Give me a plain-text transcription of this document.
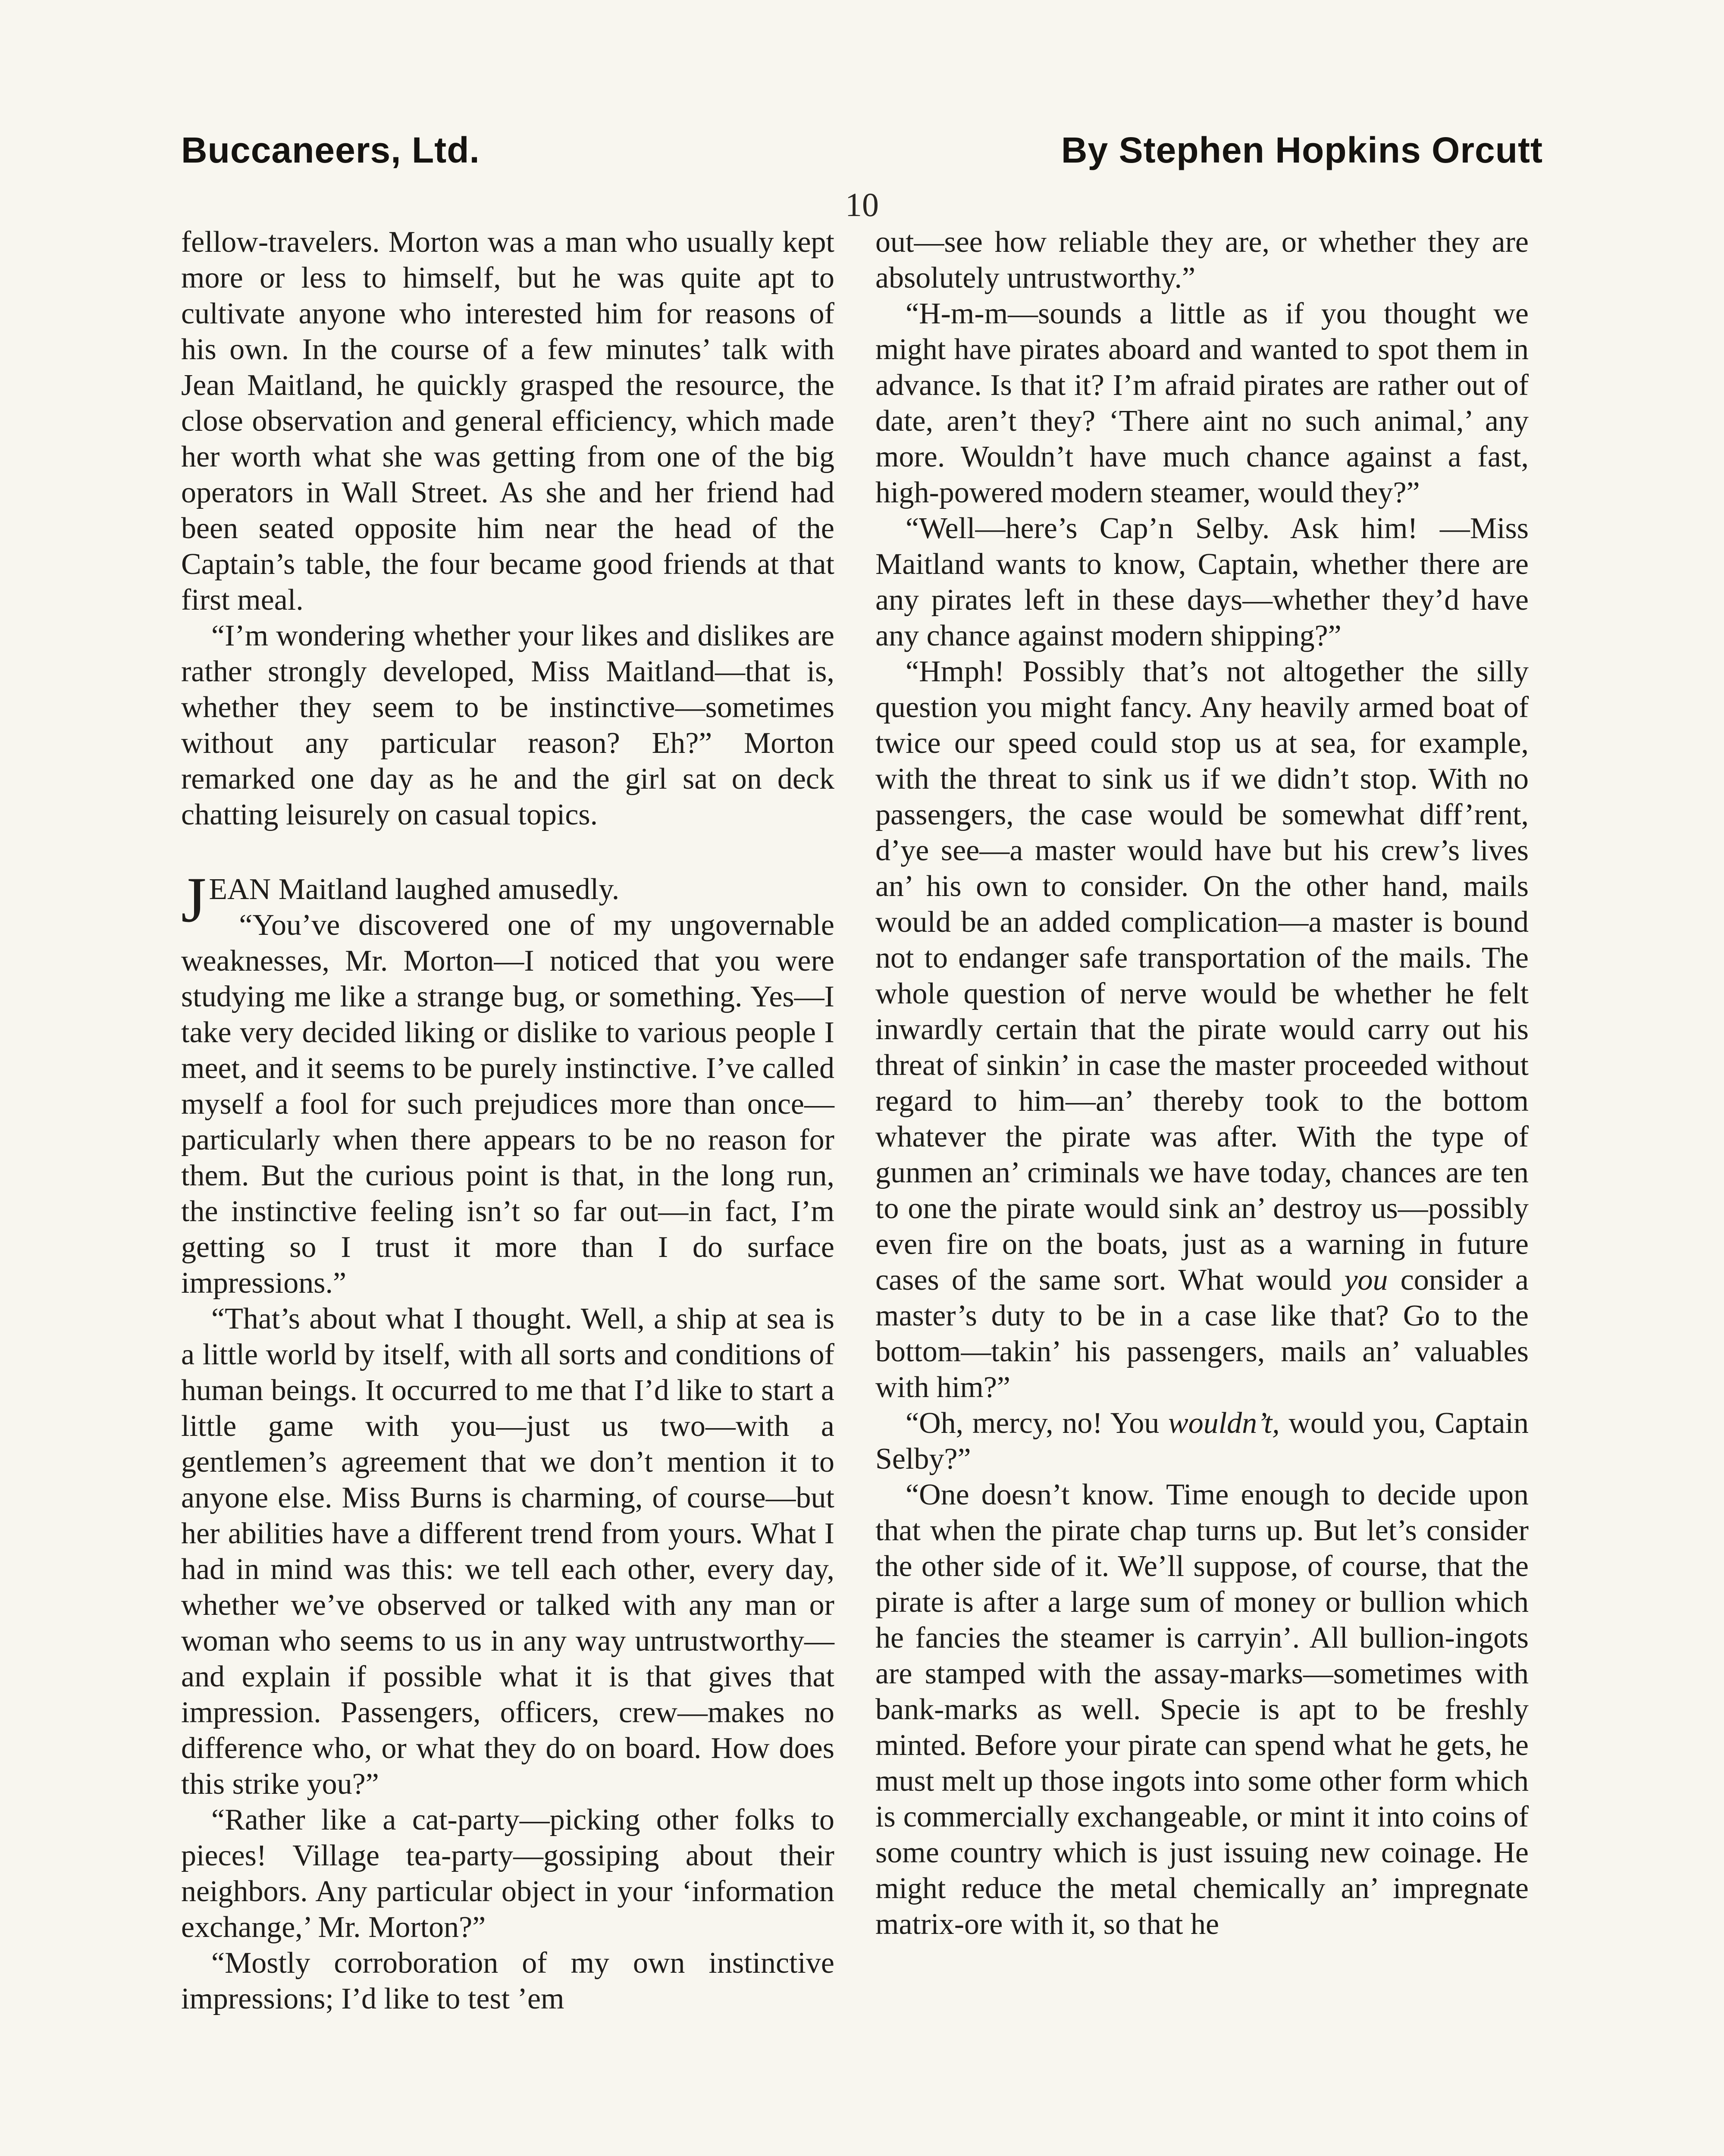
Buccaneers, Ltd.	By Stephen Hopkins Orcutt
10

fellow-travelers. Morton was a man who usually kept more or less to himself, but he was quite apt to cultivate anyone who interested him for reasons of his own. In the course of a few minutes’ talk with Jean Maitland, he quickly grasped the resource, the close observation and general efficiency, which made her worth what she was getting from one of the big operators in Wall Street. As she and her friend had been seated opposite him near the head of the Captain’s table, the four became good friends at that first meal.

“I’m wondering whether your likes and dislikes are rather strongly developed, Miss Maitland—that is, whether they seem to be instinctive—sometimes without any particular reason? Eh?” Morton remarked one day as he and the girl sat on deck chatting leisurely on casual topics.

JEAN Maitland laughed amusedly.

“You’ve discovered one of my ungovernable weaknesses, Mr. Morton—I noticed that you were studying me like a strange bug, or something. Yes—I take very decided liking or dislike to various people I meet, and it seems to be purely instinctive. I’ve called myself a fool for such prejudices more than once—particularly when there appears to be no reason for them. But the curious point is that, in the long run, the instinctive feeling isn’t so far out—in fact, I’m getting so I trust it more than I do surface impressions.”

“That’s about what I thought. Well, a ship at sea is a little world by itself, with all sorts and conditions of human beings. It occurred to me that I’d like to start a little game with you—just us two—with a gentlemen’s agreement that we don’t mention it to anyone else. Miss Burns is charming, of course—but her abilities have a different trend from yours. What I had in mind was this: we tell each other, every day, whether we’ve observed or talked with any man or woman who seems to us in any way untrustworthy—and explain if possible what it is that gives that impression. Passengers, officers, crew—makes no difference who, or what they do on board. How does this strike you?”

“Rather like a cat-party—picking other folks to pieces! Village tea-party—gossiping about their neighbors. Any particular object in your ‘information exchange,’ Mr. Morton?”

“Mostly corroboration of my own instinctive impressions; I’d like to test ’em

out—see how reliable they are, or whether they are absolutely untrustworthy.”

“H-m-m—sounds a little as if you thought we might have pirates aboard and wanted to spot them in advance. Is that it? I’m afraid pirates are rather out of date, aren’t they? ‘There aint no such animal,’ any more. Wouldn’t have much chance against a fast, high-powered modern steamer, would they?”

“Well—here’s Cap’n Selby. Ask him! —Miss Maitland wants to know, Captain, whether there are any pirates left in these days—whether they’d have any chance against modern shipping?”

“Hmph! Possibly that’s not altogether the silly question you might fancy. Any heavily armed boat of twice our speed could stop us at sea, for example, with the threat to sink us if we didn’t stop. With no passengers, the case would be somewhat diff’rent, d’ye see—a master would have but his crew’s lives an’ his own to consider. On the other hand, mails would be an added complication—a master is bound not to endanger safe transportation of the mails. The whole question of nerve would be whether he felt inwardly certain that the pirate would carry out his threat of sinkin’ in case the master proceeded without regard to him—an’ thereby took to the bottom whatever the pirate was after. With the type of gunmen an’ criminals we have today, chances are ten to one the pirate would sink an’ destroy us—possibly even fire on the boats, just as a warning in future cases of the same sort. What would you consider a master’s duty to be in a case like that? Go to the bottom—takin’ his passengers, mails an’ valuables with him?”

“Oh, mercy, no! You wouldn’t, would you, Captain Selby?”

“One doesn’t know. Time enough to decide upon that when the pirate chap turns up. But let’s consider the other side of it. We’ll suppose, of course, that the pirate is after a large sum of money or bullion which he fancies the steamer is carryin’. All bullion-ingots are stamped with the assay-marks—sometimes with bank-marks as well. Specie is apt to be freshly minted. Before your pirate can spend what he gets, he must melt up those ingots into some other form which is commercially exchangeable, or mint it into coins of some country which is just issuing new coinage. He might reduce the metal chemically an’ impregnate matrix-ore with it, so that he
